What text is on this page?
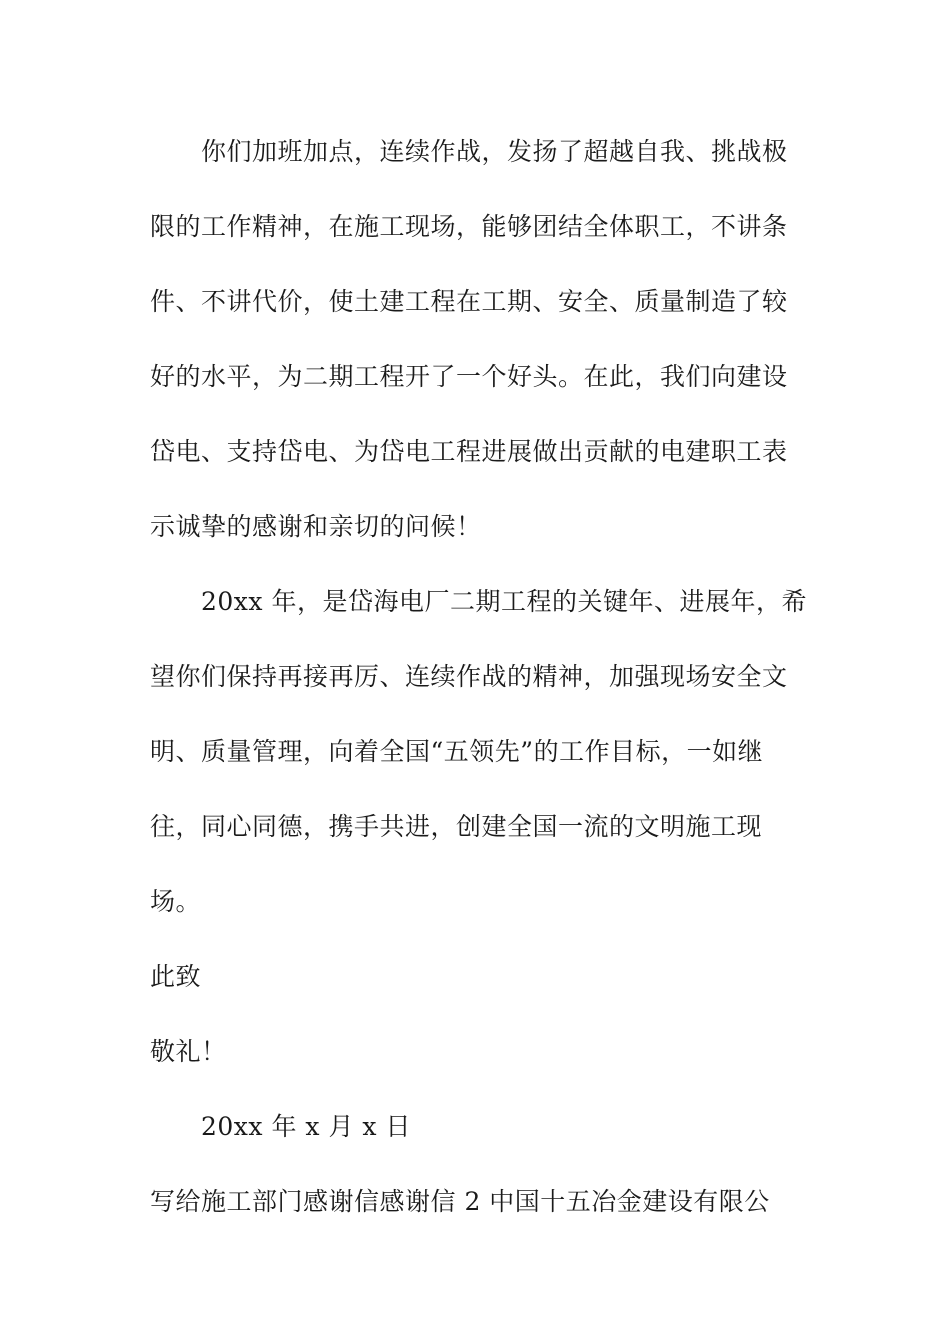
你们加班加点，连续作战，发扬了超越自我、挑战极
限的工作精神，在施工现场，能够团结全体职工，不讲条
件、不讲代价，使土建工程在工期、安全、质量制造了较
好的水平，为二期工程开了一个好头。在此，我们向建设
岱电、支持岱电、为岱电工程进展做出贡献的电建职工表
示诚挚的感谢和亲切的问候！
20xx 年，是岱海电厂二期工程的关键年、进展年，希
望你们保持再接再厉、连续作战的精神，加强现场安全文
明、质量管理，向着全国“五领先”的工作目标，一如继
往，同心同德，携手共进，创建全国一流的文明施工现
场。
此致
敬礼！
20xx 年 x 月 x 日
写给施工部门感谢信感谢信 2 中国十五冶金建设有限公
